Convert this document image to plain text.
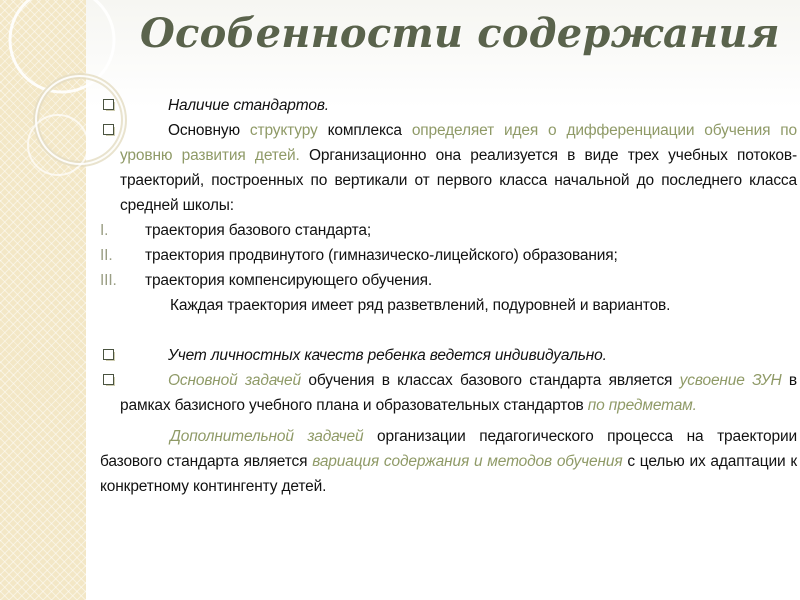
Особенности содержания
Наличие стандартов.
Основную структуру комплекса определяет идея о дифференциации обучения по уровню развития детей. Организационно она реализуется в виде трех учебных потоков-траекторий, построенных по вертикали от первого класса начальной до последнего класса средней школы:
I. траектория базового стандарта;
II. траектория продвинутого (гимназическо-лицейского) образования;
III. траектория компенсирующего обучения.
Каждая траектория имеет ряд разветвлений, подуровней и вариантов.
Учет личностных качеств ребенка ведется индивидуально.
Основной задачей обучения в классах базового стандарта является усвоение ЗУН в рамках базисного учебного плана и образовательных стандартов по предметам.
Дополнительной задачей организации педагогического процесса на траектории базового стандарта является вариация содержания и методов обучения с целью их адаптации к конкретному контингенту детей.
